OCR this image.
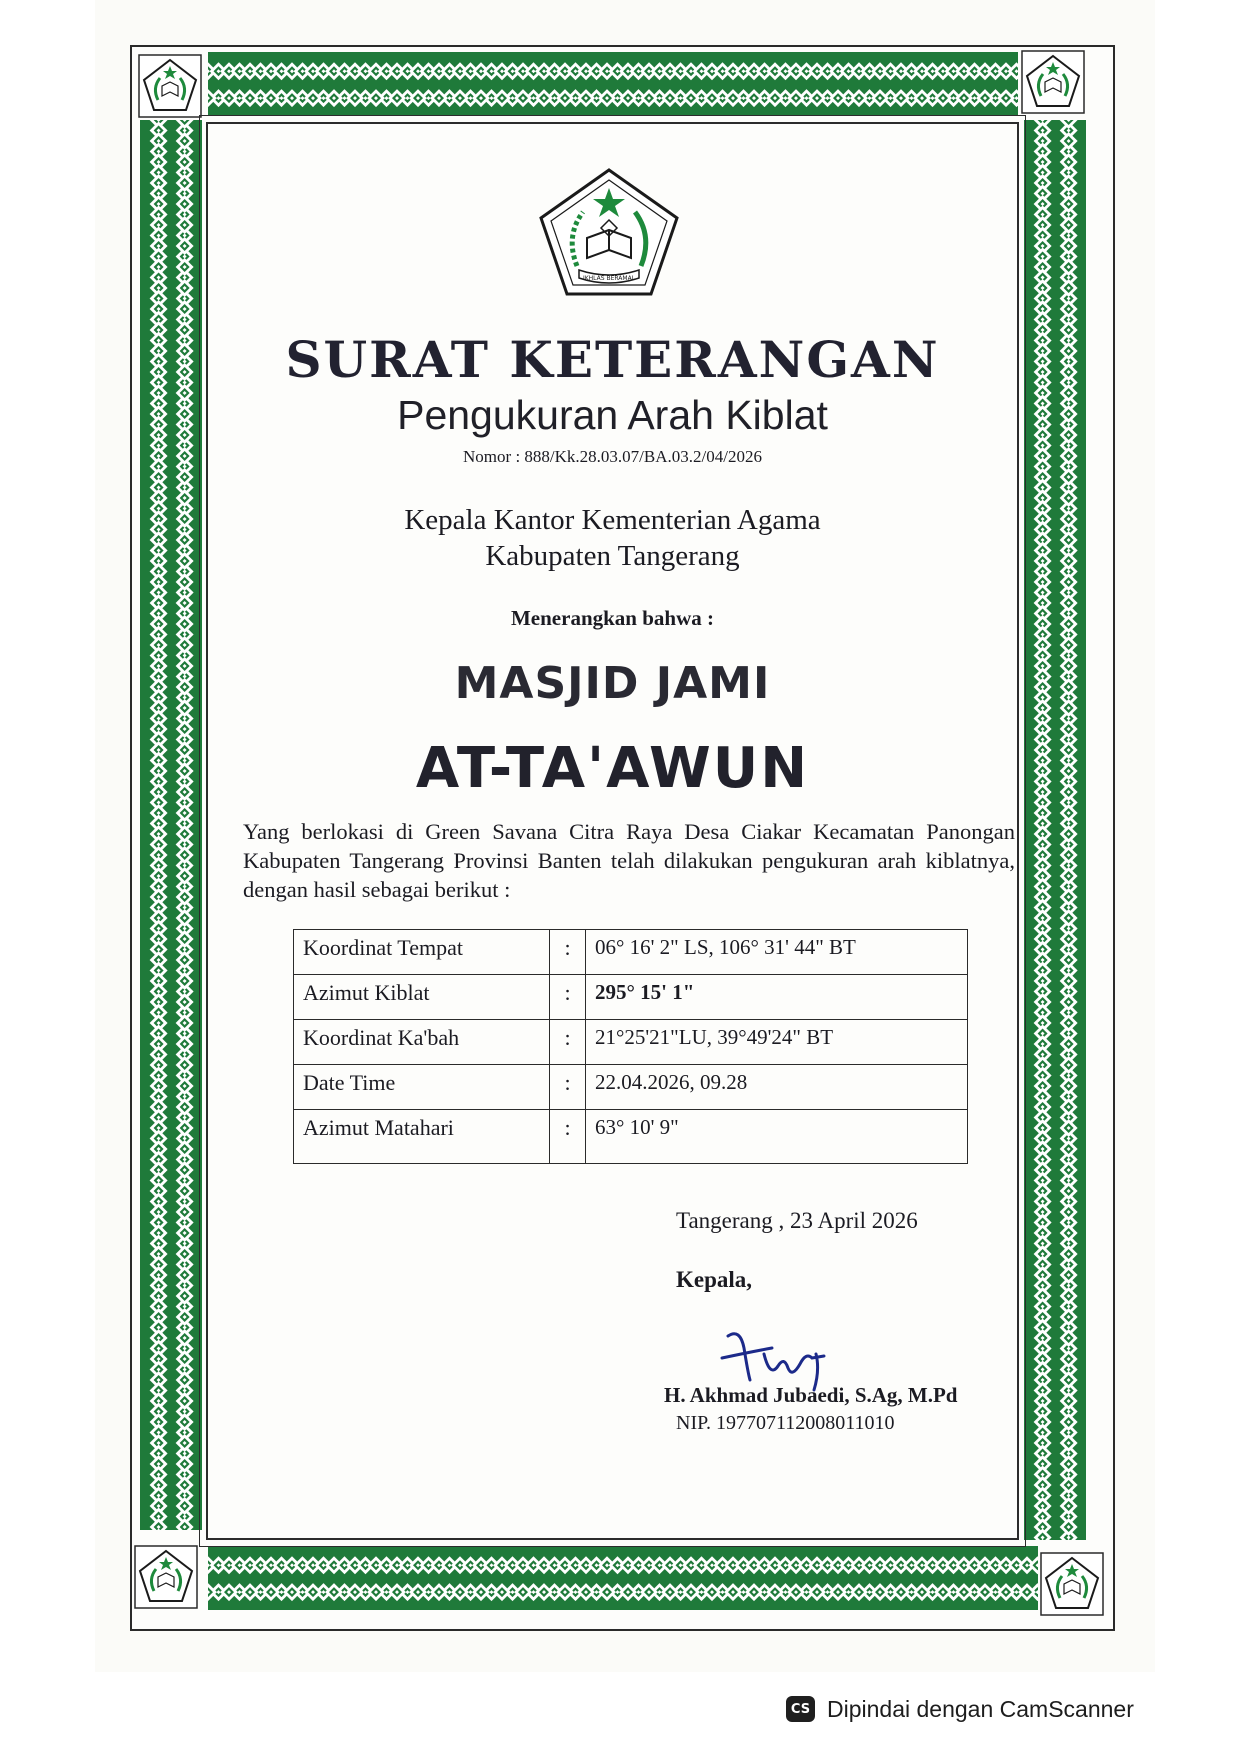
IKHLAS BERAMAL
SURAT KETERANGAN
Pengukuran Arah Kiblat
Nomor : 888/Kk.28.03.07/BA.03.2/04/2026
Kepala Kantor Kementerian Agama
Kabupaten Tangerang
Menerangkan bahwa :
MASJID JAMI
AT-TA'AWUN
Yang berlokasi di Green Savana Citra Raya Desa Ciakar Kecamatan Panongan Kabupaten Tangerang Provinsi Banten telah dilakukan pengukuran arah kiblatnya, dengan hasil sebagai berikut :
Koordinat Tempat	:	06° 16' 2" LS, 106° 31' 44" BT
Azimut Kiblat	:	295° 15' 1"
Koordinat Ka'bah	:	21°25'21"LU, 39°49'24" BT
Date Time	:	22.04.2026, 09.28
Azimut Matahari	:	63° 10' 9"
Tangerang , 23 April 2026
Kepala,
H. Akhmad Jubaedi, S.Ag, M.Pd
NIP. 197707112008011010
CS Dipindai dengan CamScanner
